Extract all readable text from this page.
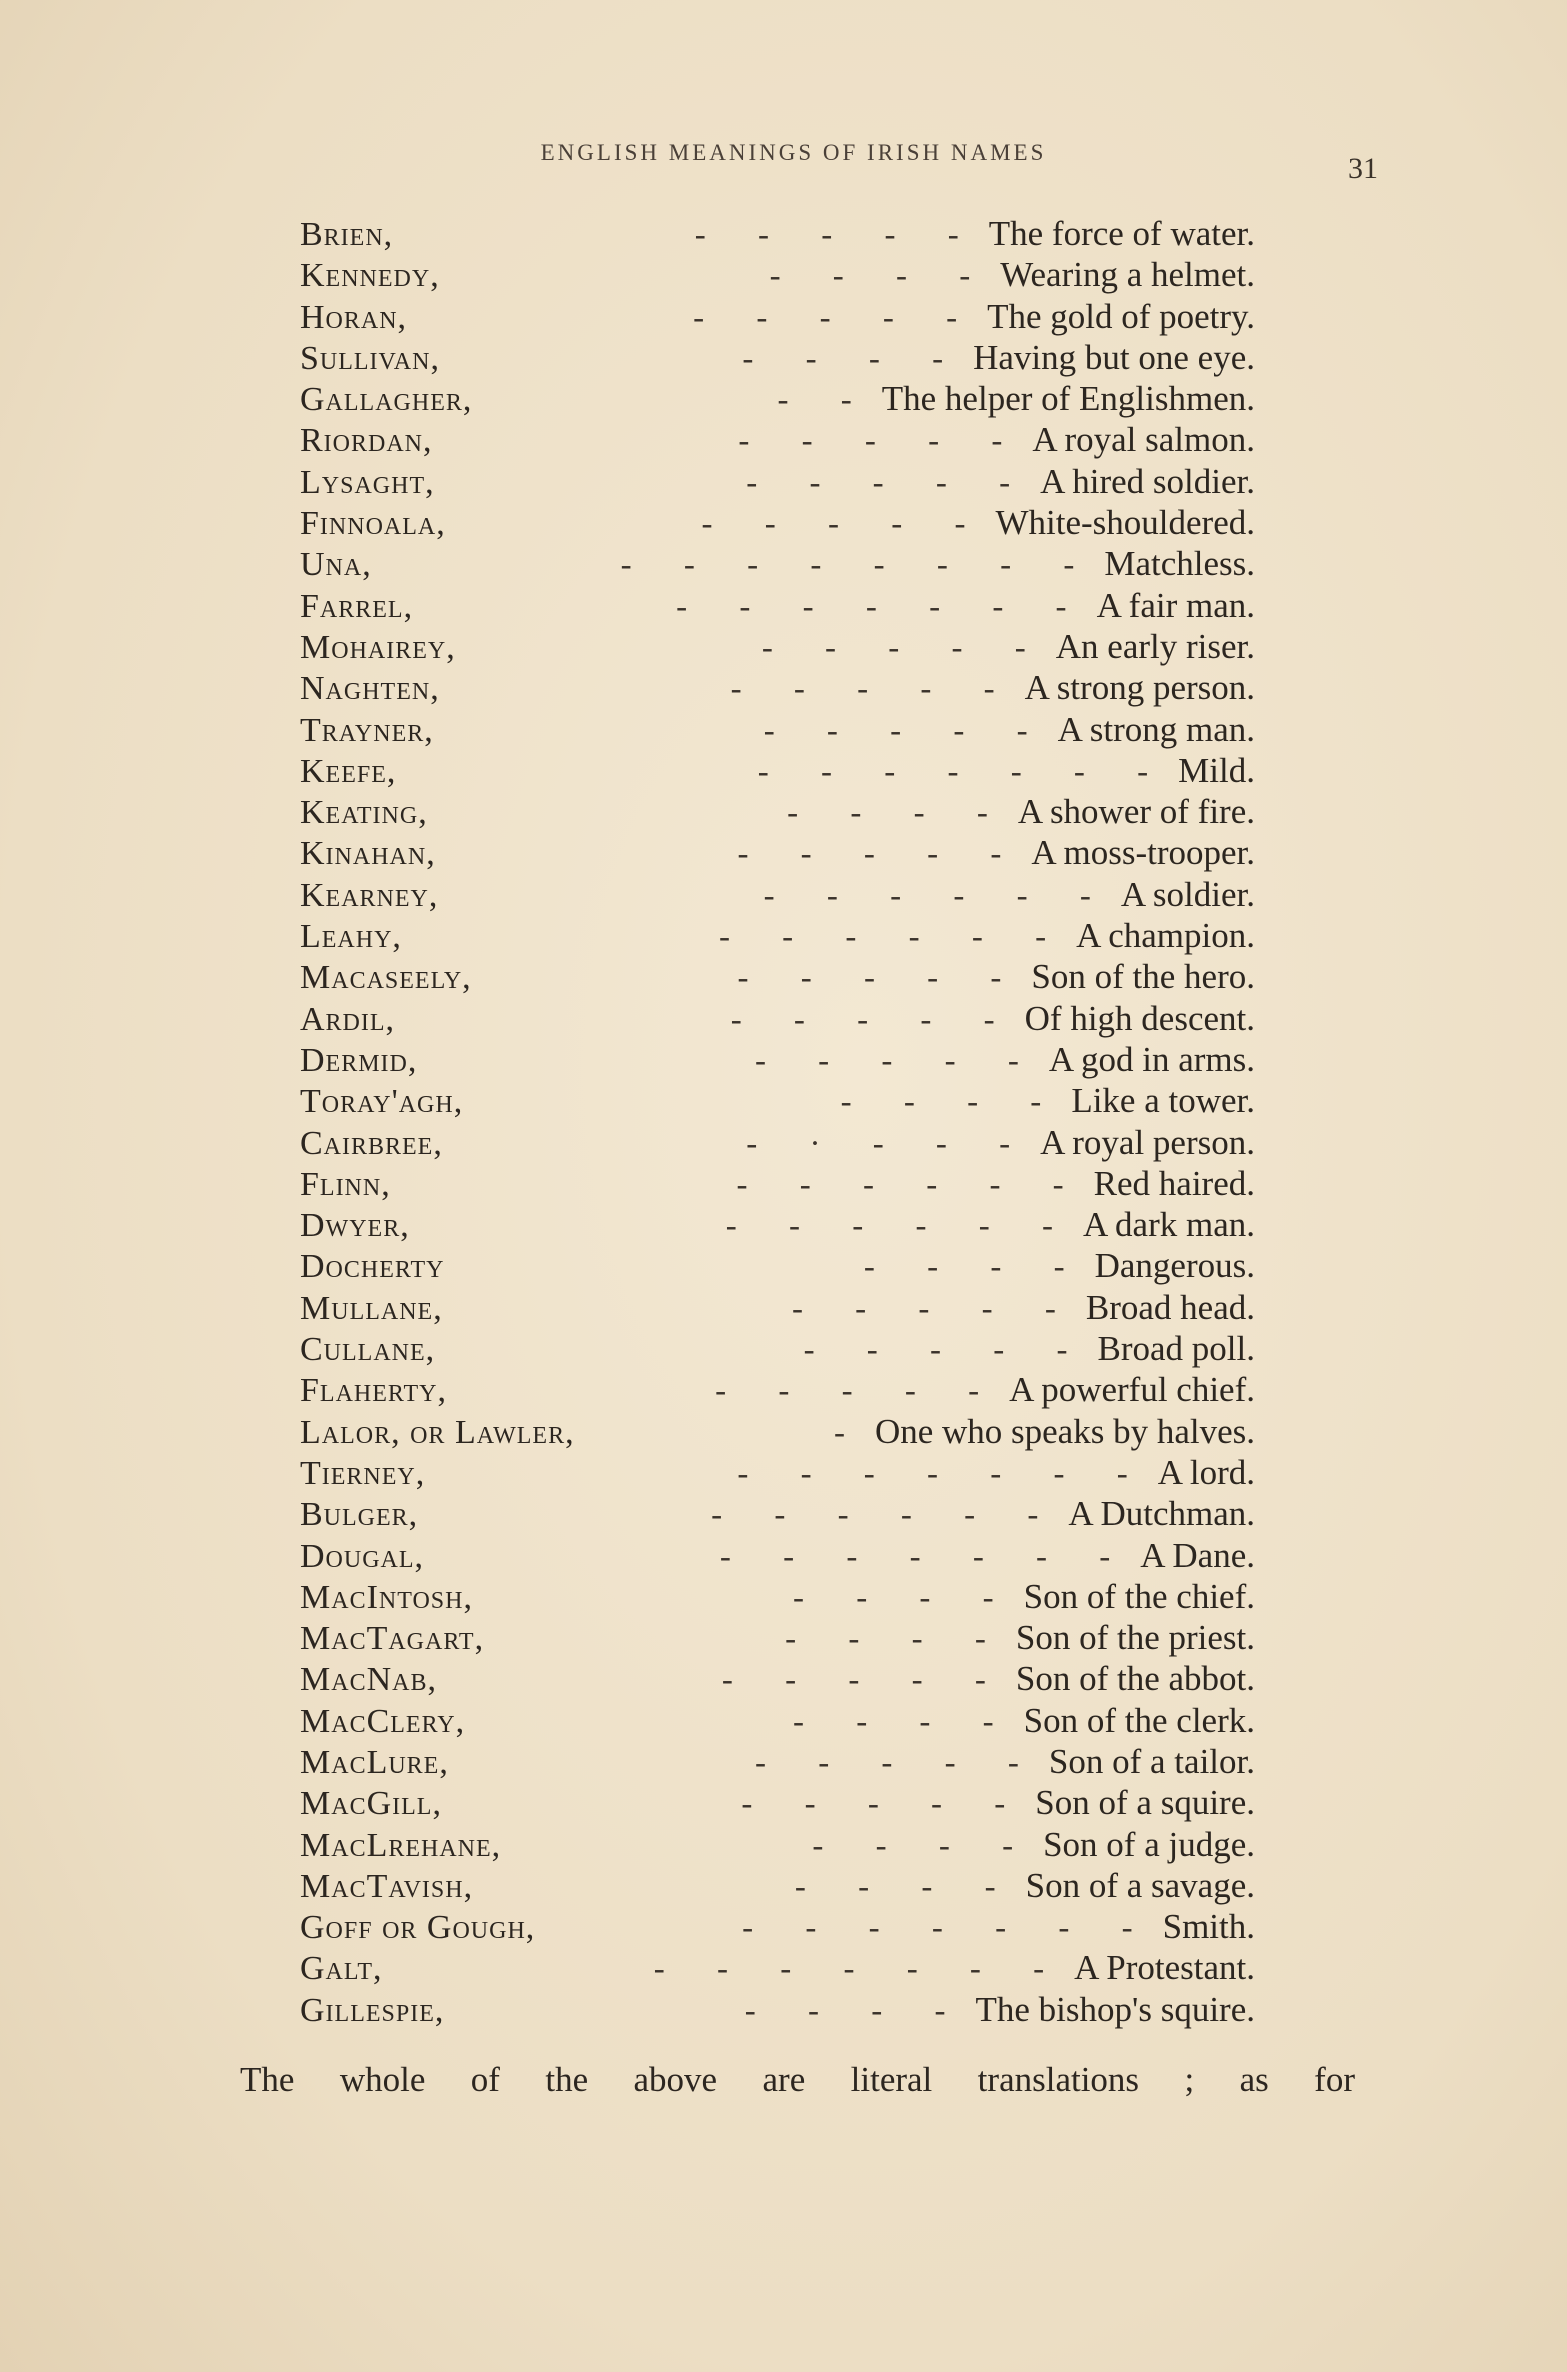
ENGLISH MEANINGS OF IRISH NAMES	31
Brien,	- - - - - The force of water.
Kennedy,	- - - - Wearing a helmet.
Horan,	- - - - - The gold of poetry.
Sullivan,	- - - - Having but one eye.
Gallagher,	- - The helper of Englishmen.
Riordan,	- - - - - A royal salmon.
Lysaght,	- - - - - A hired soldier.
Finnoala,	- - - - - White-shouldered.
Una,	- - - - - - - - Matchless.
Farrel,	- - - - - - - A fair man.
Mohairey,	- - - - - An early riser.
Naghten,	- - - - - A strong person.
Trayner,	- - - - - A strong man.
Keefe,	- - - - - - - Mild.
Keating,	- - - - A shower of fire.
Kinahan,	- - - - - A moss-trooper.
Kearney,	- - - - - - A soldier.
Leahy,	- - - - - - A champion.
Macaseely,	- - - - - Son of the hero.
Ardil,	- - - - - Of high descent.
Dermid,	- - - - - A god in arms.
Toray'agh,	- - - - Like a tower.
Cairbree,	- · - - - A royal person.
Flinn,	- - - - - - Red haired.
Dwyer,	- - - - - - A dark man.
Docherty	- - - - Dangerous.
Mullane,	- - - - - Broad head.
Cullane,	- - - - - Broad poll.
Flaherty,	- - - - - A powerful chief.
Lalor, or Lawler,	- One who speaks by halves.
Tierney,	- - - - - - - A lord.
Bulger,	- - - - - - A Dutchman.
Dougal,	- - - - - - - A Dane.
MacIntosh,	- - - - Son of the chief.
MacTagart,	- - - - Son of the priest.
MacNab,	- - - - - Son of the abbot.
MacClery,	- - - - Son of the clerk.
MacLure,	- - - - - Son of a tailor.
MacGill,	- - - - - Son of a squire.
MacLrehane,	- - - - Son of a judge.
MacTavish,	- - - - Son of a savage.
Goff or Gough,	- - - - - - - Smith.
Galt,	- - - - - - - A Protestant.
Gillespie,	- - - - The bishop's squire.
The whole of the above are literal translations ; as for
